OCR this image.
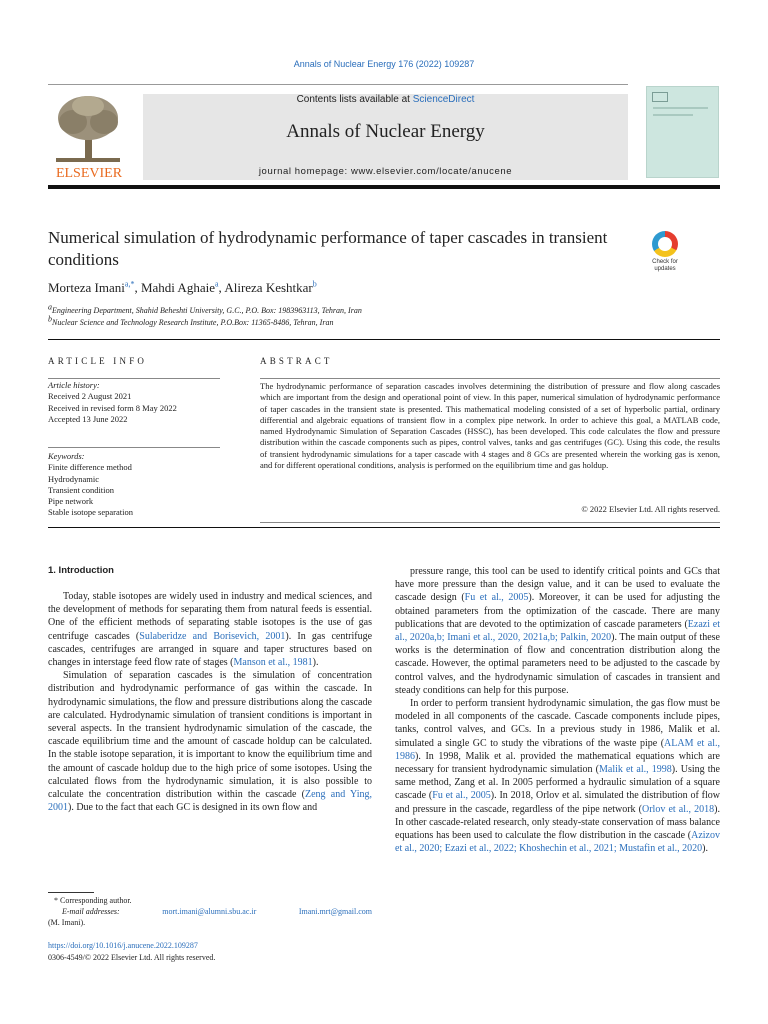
Annals of Nuclear Energy 176 (2022) 109287
ELSEVIER
Contents lists available at ScienceDirect
Annals of Nuclear Energy
journal homepage: www.elsevier.com/locate/anucene
Numerical simulation of hydrodynamic performance of taper cascades in transient conditions	Check for updates
Morteza Imani$^{a,*}$, Mahdi Aghaie$^a$, Alireza Keshtkar$^b$
$^a$Engineering Department, Shahid Beheshti University, G.C., P.O. Box: 1983963113, Tehran, Iran
$^b$Nuclear Science and Technology Research Institute, P.O.Box: 11365-8486, Tehran, Iran
ARTICLE INFO	ABSTRACT
Article history:
Received 2 August 2021
Received in revised form 8 May 2022
Accepted 13 June 2022
Keywords:
Finite difference method
Hydrodynamic
Transient condition
Pipe network
Stable isotope separation
The hydrodynamic performance of separation cascades involves determining the distribution of pressure and flow along cascades which are important from the design and operational point of view. In this paper, numerical simulation of hydrodynamic performance of taper cascades in the transient state is presented. This mathematical modeling consisted of a set of hyperbolic partial, ordinary differential and algebraic equations of transient flow in a complex pipe network. In order to achieve this goal, a MATLAB code, named Hydrodynamic Simulation of Separation Cascades (HSSC), has been developed. This code calculates the flow and pressure distribution within the cascade components such as pipes, control valves, tanks and gas centrifuges (GC). Using this code, the results of transient hydrodynamic simulations for a taper cascade with 4 stages and 8 GCs are presented wherein the working gas is xenon, and for different operational conditions, analysis is performed on the equilibrium time and gas holdup.
© 2022 Elsevier Ltd. All rights reserved.
1. Introduction

Today, stable isotopes are widely used in industry and medical sciences, and the development of methods for separating them from natural feeds is essential. One of the efficient methods of separating stable isotopes is the use of gas centrifuge cascades (Sulaberidze and Borisevich, 2001). In gas centrifuge cascades, centrifuges are arranged in square and taper structures based on changes in interstage feed flow rate of stages (Manson et al., 1981).

Simulation of separation cascades is the simulation of concentration distribution and hydrodynamic performance of gas within the cascade. In hydrodynamic simulations, the flow and pressure distributions along the cascade are calculated. Hydrodynamic simulation of transient conditions is important in several aspects. In the transient hydrodynamic simulation of the cascade, the cascade equilibrium time and the amount of cascade holdup can be calculated. In the stable isotope separation, it is important to know the equilibrium time and the amount of cascade holdup due to the high price of some isotopes. Using the calculated flows from the hydrodynamic simulation, it is also possible to calculate the concentration distribution within the cascade (Zeng and Ying, 2001). Due to the fact that each GC is designed in its own flow and

pressure range, this tool can be used to identify critical points and GCs that have more pressure than the design value, and it can be used to evaluate the cascade design (Fu et al., 2005). Moreover, it can be used for adjusting the obtained parameters from the optimization of the cascade. There are many publications that are devoted to the optimization of cascade parameters (Ezazi et al., 2020a,b; Imani et al., 2020, 2021a,b; Palkin, 2020). The main output of these works is the determination of flow and concentration distribution along the cascade. However, the optimal parameters need to be adjusted to the cascade by control valves, and the hydrodynamic simulation of cascades in transient and steady conditions can help for this purpose.

In order to perform transient hydrodynamic simulation, the gas flow must be modeled in all components of the cascade. Cascade components include pipes, tanks, control valves, and GCs. In a previous study in 1986, Malik et al. simulated a single GC to study the vibrations of the waste pipe (ALAM et al., 1986). In 1998, Malik et al. provided the mathematical equations which are necessary for transient hydrodynamic simulation (Malik et al., 1998). Using the same method, Zang et al. In 2005 performed a hydraulic simulation of a square cascade (Fu et al., 2005). In 2018, Orlov et al. simulated the distribution of flow and pressure in the cascade, regardless of the pipe network (Orlov et al., 2018). In other cascade-related research, only steady-state conservation of mass balance equations has been used to calculate the flow distribution in the cascade (Azizov et al., 2020; Ezazi et al., 2022; Khoshechin et al., 2021; Mustafin et al., 2020).

* Corresponding author.
E-mail addresses:	mort.imani@alumni.sbu.ac.ir	Imani.mrt@gmail.com
(M. Imani).
https://doi.org/10.1016/j.anucene.2022.109287
0306-4549/© 2022 Elsevier Ltd. All rights reserved.
